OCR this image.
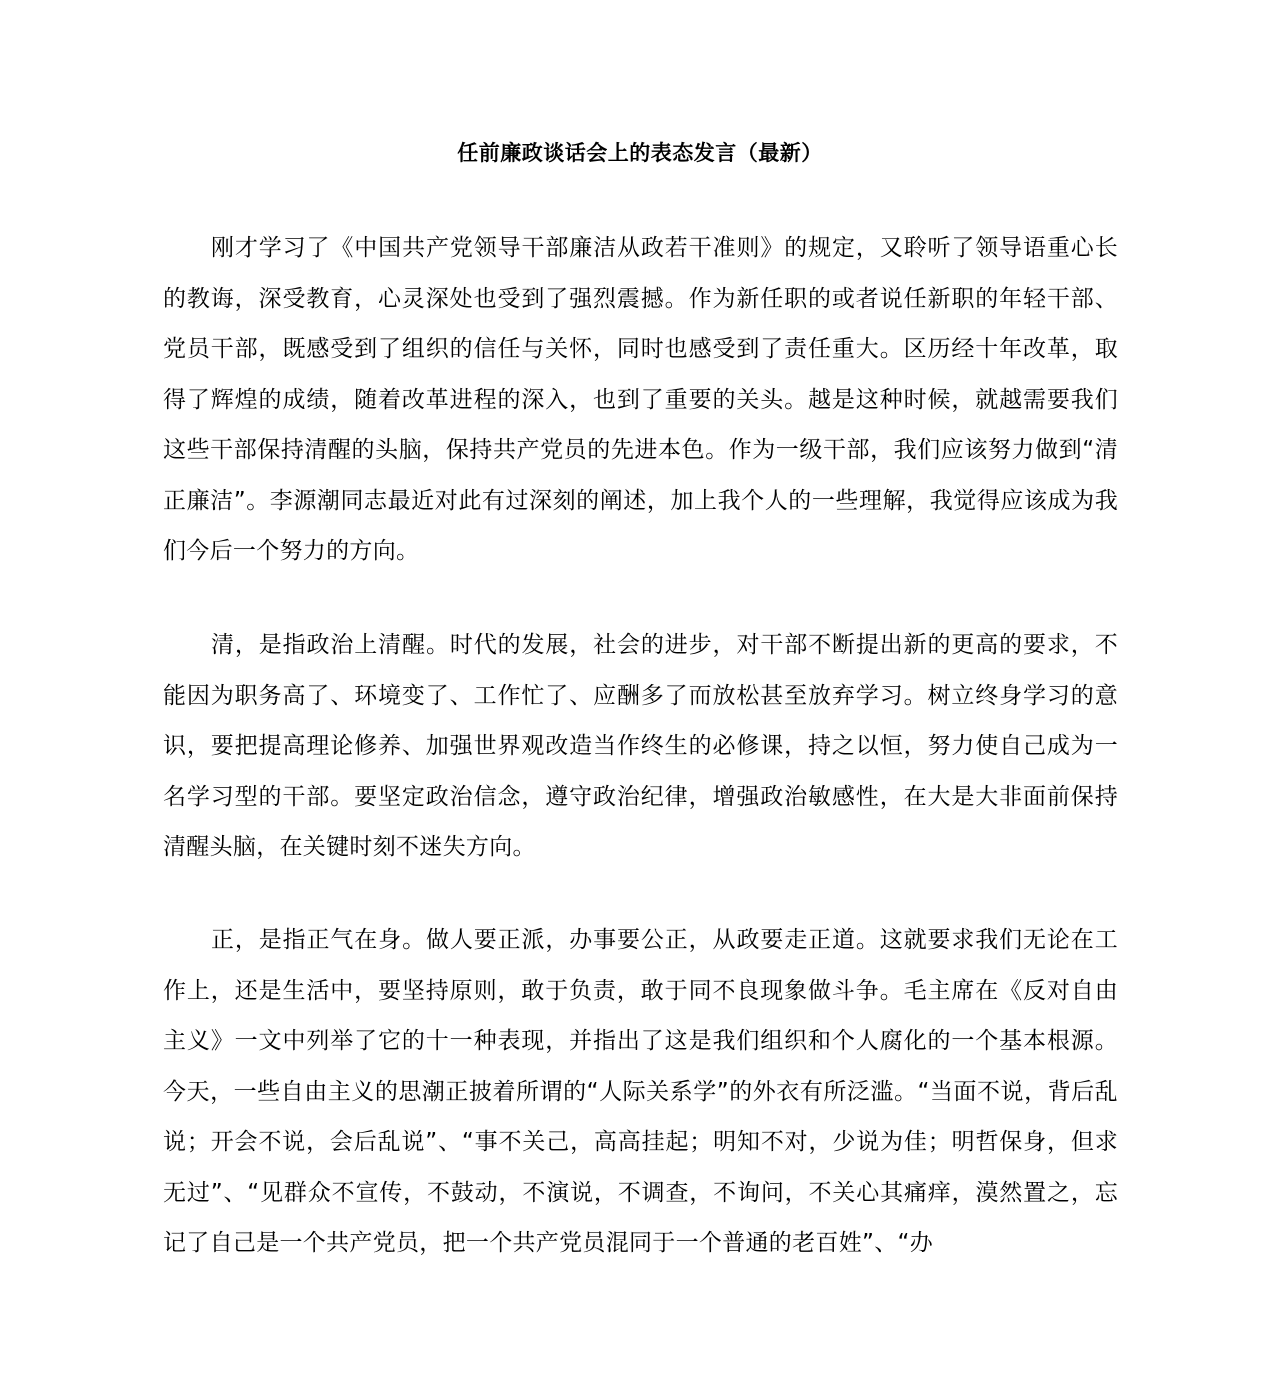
任前廉政谈话会上的表态发言（最新）

刚才学习了《中国共产党领导干部廉洁从政若干准则》的规定，又聆听了领导语重心长的教诲，深受教育，心灵深处也受到了强烈震撼。作为新任职的或者说任新职的年轻干部、党员干部，既感受到了组织的信任与关怀，同时也感受到了责任重大。区历经十年改革，取得了辉煌的成绩，随着改革进程的深入，也到了重要的关头。越是这种时候，就越需要我们这些干部保持清醒的头脑，保持共产党员的先进本色。作为一级干部，我们应该努力做到“清正廉洁”。李源潮同志最近对此有过深刻的阐述，加上我个人的一些理解，我觉得应该成为我们今后一个努力的方向。

清，是指政治上清醒。时代的发展，社会的进步，对干部不断提出新的更高的要求，不能因为职务高了、环境变了、工作忙了、应酬多了而放松甚至放弃学习。树立终身学习的意识，要把提高理论修养、加强世界观改造当作终生的必修课，持之以恒，努力使自己成为一名学习型的干部。要坚定政治信念，遵守政治纪律，增强政治敏感性，在大是大非面前保持清醒头脑，在关键时刻不迷失方向。

正，是指正气在身。做人要正派，办事要公正，从政要走正道。这就要求我们无论在工作上，还是生活中，要坚持原则，敢于负责，敢于同不良现象做斗争。毛主席在《反对自由主义》一文中列举了它的十一种表现，并指出了这是我们组织和个人腐化的一个基本根源。今天，一些自由主义的思潮正披着所谓的“人际关系学”的外衣有所泛滥。“当面不说，背后乱说；开会不说，会后乱说”、“事不关己，高高挂起；明知不对，少说为佳；明哲保身，但求无过”、“见群众不宣传，不鼓动，不演说，不调查，不询问，不关心其痛痒，漠然置之，忘记了自己是一个共产党员，把一个共产党员混同于一个普通的老百姓”、“办
